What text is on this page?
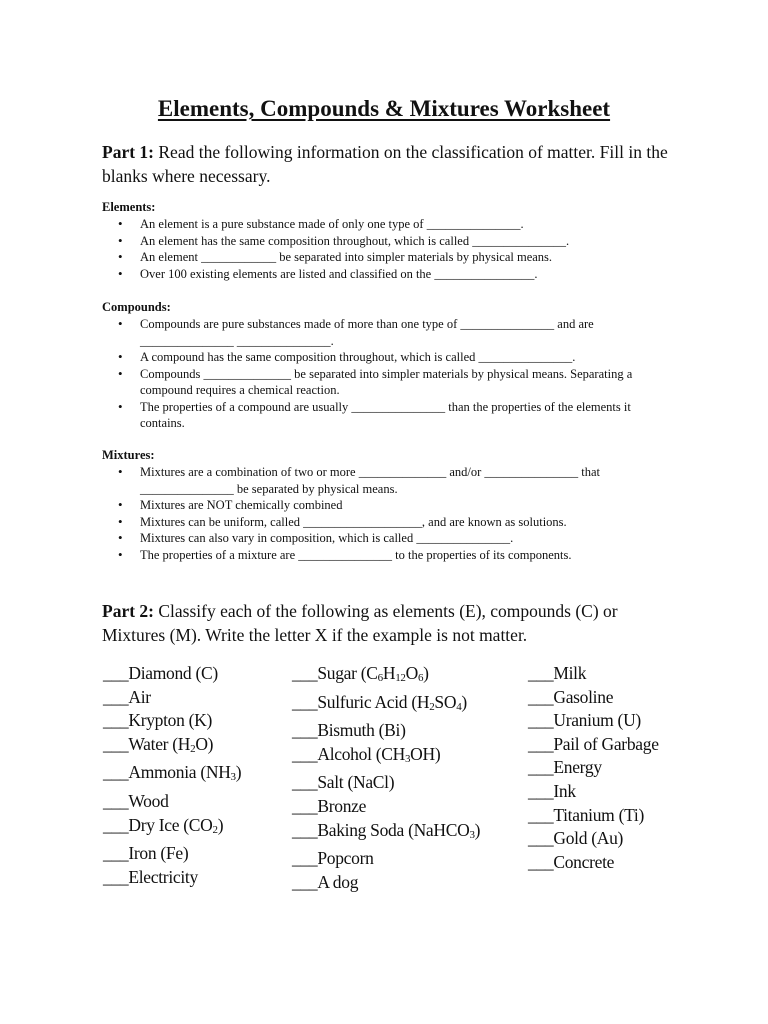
Elements, Compounds & Mixtures Worksheet
Part 1: Read the following information on the classification of matter. Fill in the blanks where necessary.
Elements:
• An element is a pure substance made of only one type of _______________.
• An element has the same composition throughout, which is called _______________.
• An element ____________ be separated into simpler materials by physical means.
• Over 100 existing elements are listed and classified on the ________________.
Compounds:
• Compounds are pure substances made of more than one type of _______________ and are _______________ _______________.
• A compound has the same composition throughout, which is called _______________.
• Compounds ______________ be separated into simpler materials by physical means. Separating a compound requires a chemical reaction.
• The properties of a compound are usually _______________ than the properties of the elements it contains.
Mixtures:
• Mixtures are a combination of two or more ______________ and/or _______________ that _______________ be separated by physical means.
• Mixtures are NOT chemically combined
• Mixtures can be uniform, called ___________________, and are known as solutions.
• Mixtures can also vary in composition, which is called _______________.
• The properties of a mixture are _______________ to the properties of its components.
Part 2: Classify each of the following as elements (E), compounds (C) or Mixtures (M). Write the letter X if the example is not matter.
___Diamond (C)
___Air
___Krypton (K)
___Water $(H_2O)$
___Ammonia $(NH_3)$
___Wood
___Dry Ice $(CO_2)$
___Iron (Fe)
___Electricity
___Sugar $(C_6H_{12}O_6)$
___Sulfuric Acid $(H_2SO_4)$
___Bismuth (Bi)
___Alcohol $(CH_3OH)$
___Salt (NaCl)
___Bronze
___Baking Soda (NaHCO$_3$)
___Popcorn
___A dog
___Milk
___Gasoline
___Uranium (U)
___Pail of Garbage
___Energy
___Ink
___Titanium (Ti)
___Gold (Au)
___Concrete
